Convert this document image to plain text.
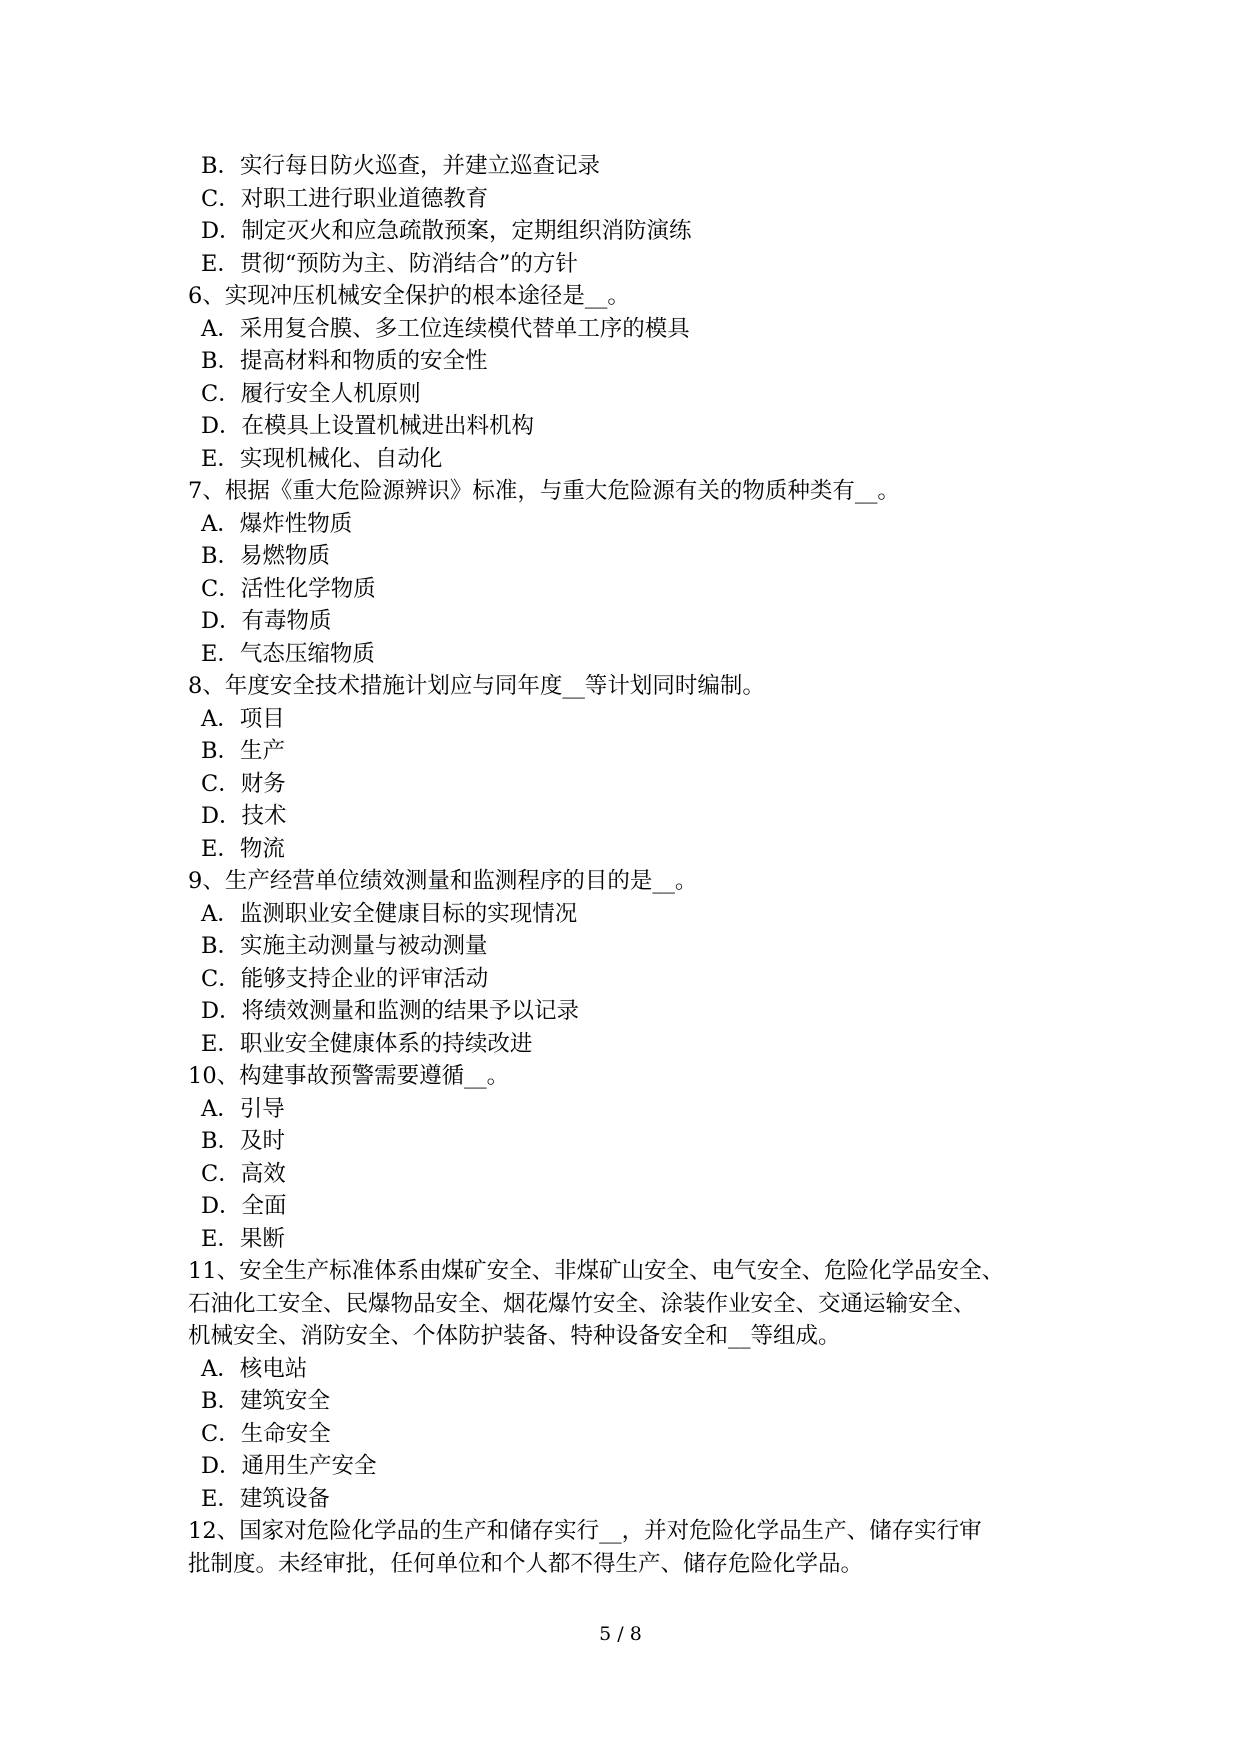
B．实行每日防火巡查，并建立巡查记录
C．对职工进行职业道德教育
D．制定灭火和应急疏散预案，定期组织消防演练
E．贯彻“预防为主、防消结合”的方针
6、实现冲压机械安全保护的根本途径是__。
A．采用复合膜、多工位连续模代替单工序的模具
B．提高材料和物质的安全性
C．履行安全人机原则
D．在模具上设置机械进出料机构
E．实现机械化、自动化
7、根据《重大危险源辨识》标准，与重大危险源有关的物质种类有__。
A．爆炸性物质
B．易燃物质
C．活性化学物质
D．有毒物质
E．气态压缩物质
8、年度安全技术措施计划应与同年度__等计划同时编制。
A．项目
B．生产
C．财务
D．技术
E．物流
9、生产经营单位绩效测量和监测程序的目的是__。
A．监测职业安全健康目标的实现情况
B．实施主动测量与被动测量
C．能够支持企业的评审活动
D．将绩效测量和监测的结果予以记录
E．职业安全健康体系的持续改进
10、构建事故预警需要遵循__。
A．引导
B．及时
C．高效
D．全面
E．果断
11、安全生产标准体系由煤矿安全、非煤矿山安全、电气安全、危险化学品安全、
石油化工安全、民爆物品安全、烟花爆竹安全、涂装作业安全、交通运输安全、
机械安全、消防安全、个体防护装备、特种设备安全和__等组成。
A．核电站
B．建筑安全
C．生命安全
D．通用生产安全
E．建筑设备
12、国家对危险化学品的生产和储存实行__，并对危险化学品生产、储存实行审
批制度。未经审批，任何单位和个人都不得生产、储存危险化学品。
5 / 8
